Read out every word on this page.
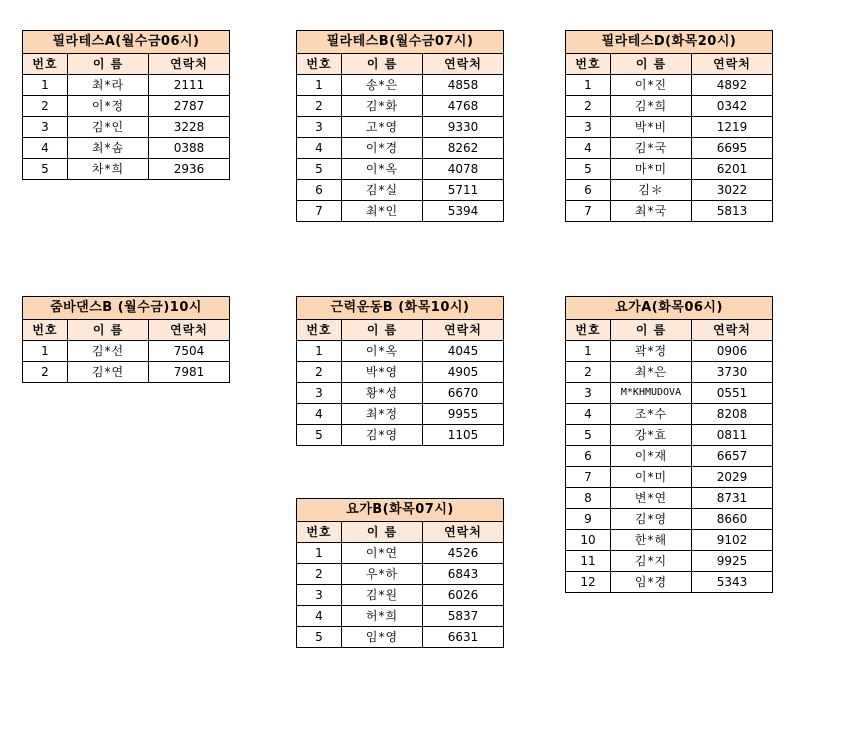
필라테스A(월수금06시)		
번호	이 름	연락처
1	최*라	2111
2	이*정	2787
3	김*인	3228
4	최*솜	0388
5	차*희	2936
필라테스B(월수금07시)		
번호	이 름	연락처
1	송*은	4858
2	김*화	4768
3	고*영	9330
4	이*경	8262
5	이*옥	4078
6	김*실	5711
7	최*인	5394
필라테스D(화목20시)		
번호	이 름	연락처
1	이*진	4892
2	김*희	0342
3	박*비	1219
4	김*국	6695
5	마*미	6201
6	김＊	3022
7	최*국	5813
줌바댄스B (월수금)10시		
번호	이 름	연락처
1	김*선	7504
2	김*연	7981
근력운동B (화목10시)		
번호	이 름	연락처
1	이*옥	4045
2	박*영	4905
3	황*성	6670
4	최*정	9955
5	김*영	1105
요가A(화목06시)		
번호	이 름	연락처
1	곽*정	0906
2	최*은	3730
3	M*KHMUDOVA	0551
4	조*수	8208
5	강*효	0811
6	이*재	6657
7	이*미	2029
8	변*연	8731
9	김*영	8660
10	한*해	9102
11	김*지	9925
12	임*경	5343
요가B(화목07시)		
번호	이 름	연락처
1	이*연	4526
2	우*하	6843
3	김*원	6026
4	허*희	5837
5	임*영	6631
